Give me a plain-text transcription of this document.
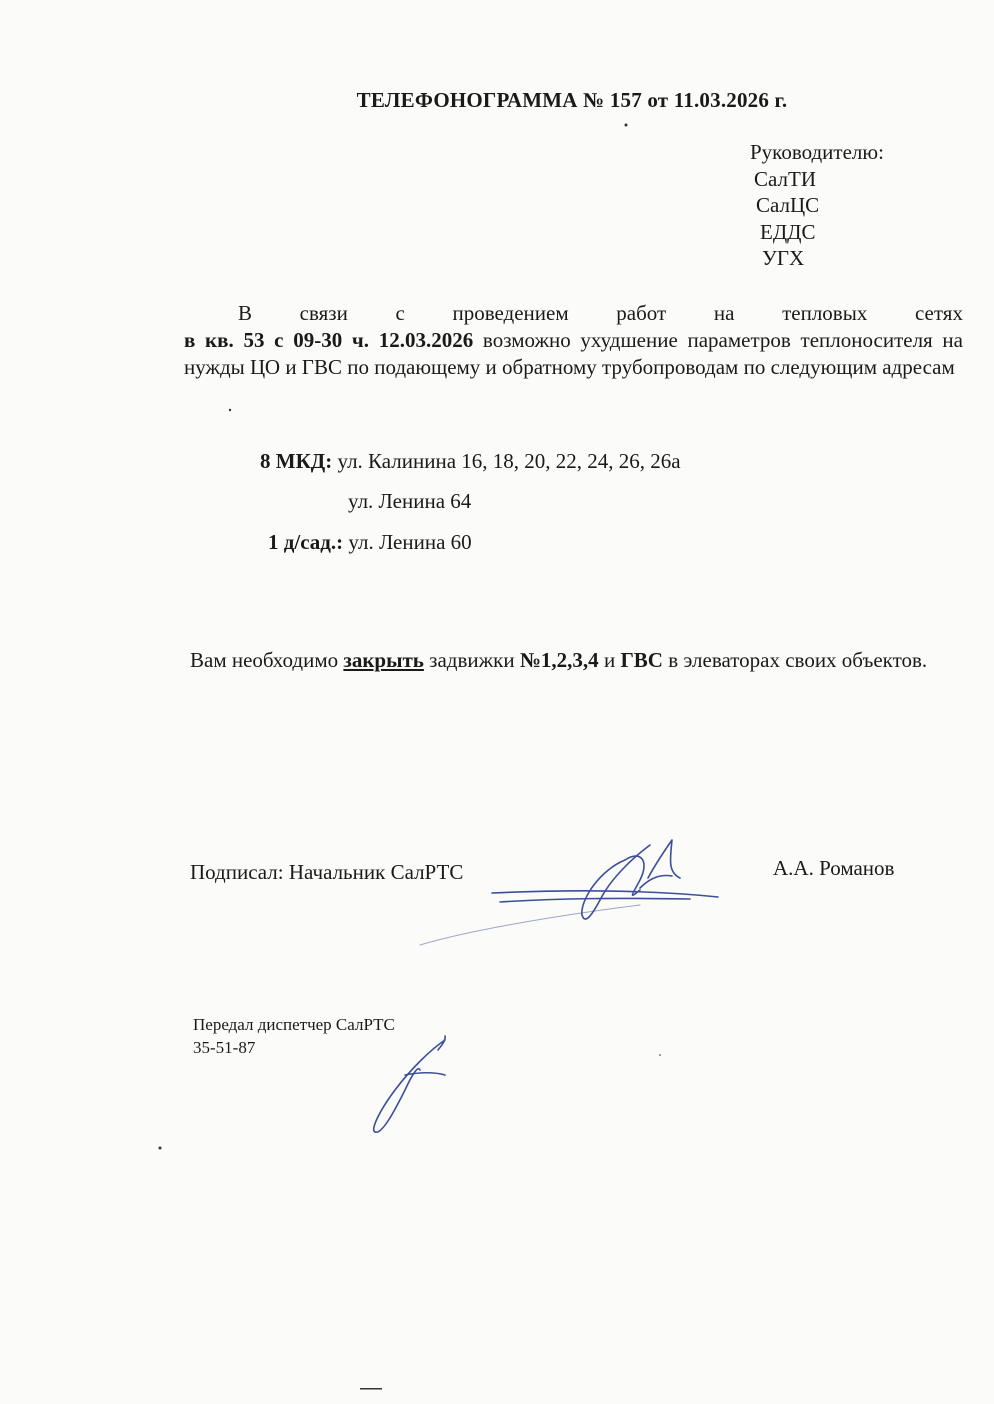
ТЕЛЕФОНОГРАММА № 157 от 11.03.2026 г.
Руководителю:
СалТИ
СалЦС
ЕДДС
УГХ
В связи с проведением работ на тепловых сетях
в кв. 53 с 09-30 ч. 12.03.2026 возможно ухудшение параметров теплоносителя на нужды ЦО и ГВС по подающему и обратному трубопроводам по следующим адресам
8 МКД: ул. Калинина 16, 18, 20, 22, 24, 26, 26а
ул. Ленина 64
1 д/сад.: ул. Ленина 60
Вам необходимо закрыть задвижки №1,2,3,4 и ГВС в элеваторах своих объектов.
Подписал: Начальник СалРТС	А.А. Романов
Передал диспетчер СалРТС
35-51-87
